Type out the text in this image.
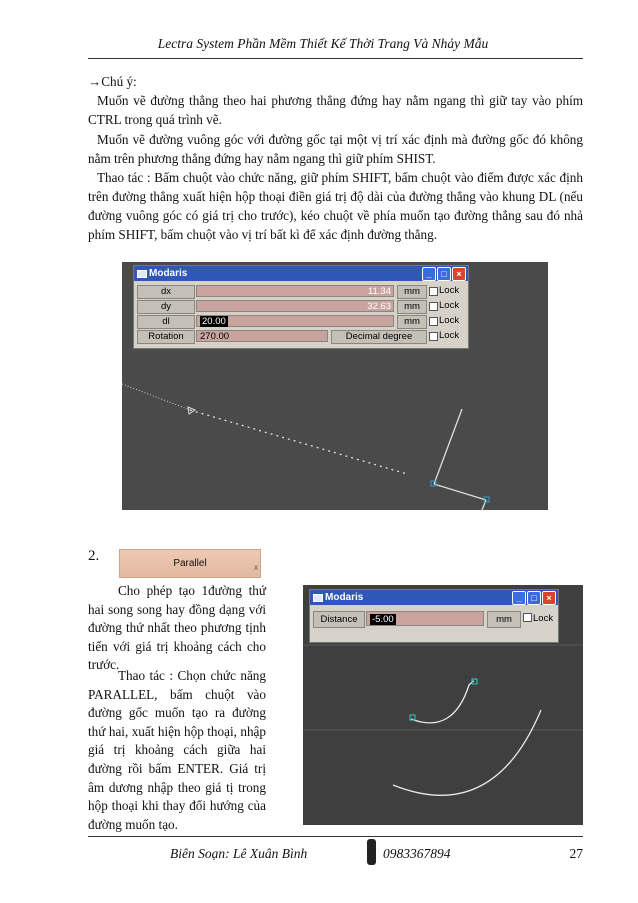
Lectra System Phần Mềm Thiết Kế Thời Trang Và Nhảy Mẫu

→Chú ý:

Muốn vẽ đường thẳng theo hai phương thẳng đứng hay nằm ngang thì giữ tay vào phím CTRL trong quá trình vẽ.

Muốn vẽ đường vuông góc với đường gốc tại một vị trí xác định mà đường gốc đó không nằm trên phương thẳng đứng hay nằm ngang thì giữ phím SHIST.

Thao tác : Bấm chuột vào chức năng, giữ phím SHIFT, bấm chuột vào điểm được xác định trên đường thẳng xuất hiện hộp thoại điền giá trị độ dài của đường thẳng vào khung DL (nếu đường vuông góc có giá trị cho trước), kéo chuột về phía muốn tạo đường thẳng sau đó nhả phím SHIFT, bấm chuột vào vị trí bất kì để xác định đường thẳng.

Modaris	_	□	×
dx	11.34	mm	Lock
dy	32.63	mm	Lock
dl	20.00	mm	Lock
Rotation	270.00	Decimal degree	Lock
2.	Parallel	x

Cho phép tạo 1đường thứ hai song song hay đồng dạng với đường thứ nhất theo phương tịnh tiến với giá trị khoảng cách cho trước.

Thao tác : Chọn chức năng PARALLEL, bấm chuột vào đường gốc muốn tạo ra đường thứ hai, xuất hiện hộp thoại, nhập giá trị khoảng cách giữa hai đường rồi bấm ENTER. Giá trị âm dương nhập theo giá tị trong hộp thoại khi thay đổi hướng của đường muốn tạo.

Modaris	_	□	×
Distance	-5.00	mm	Lock
Biên Soạn: Lê Xuân Bình	0983367894	27
